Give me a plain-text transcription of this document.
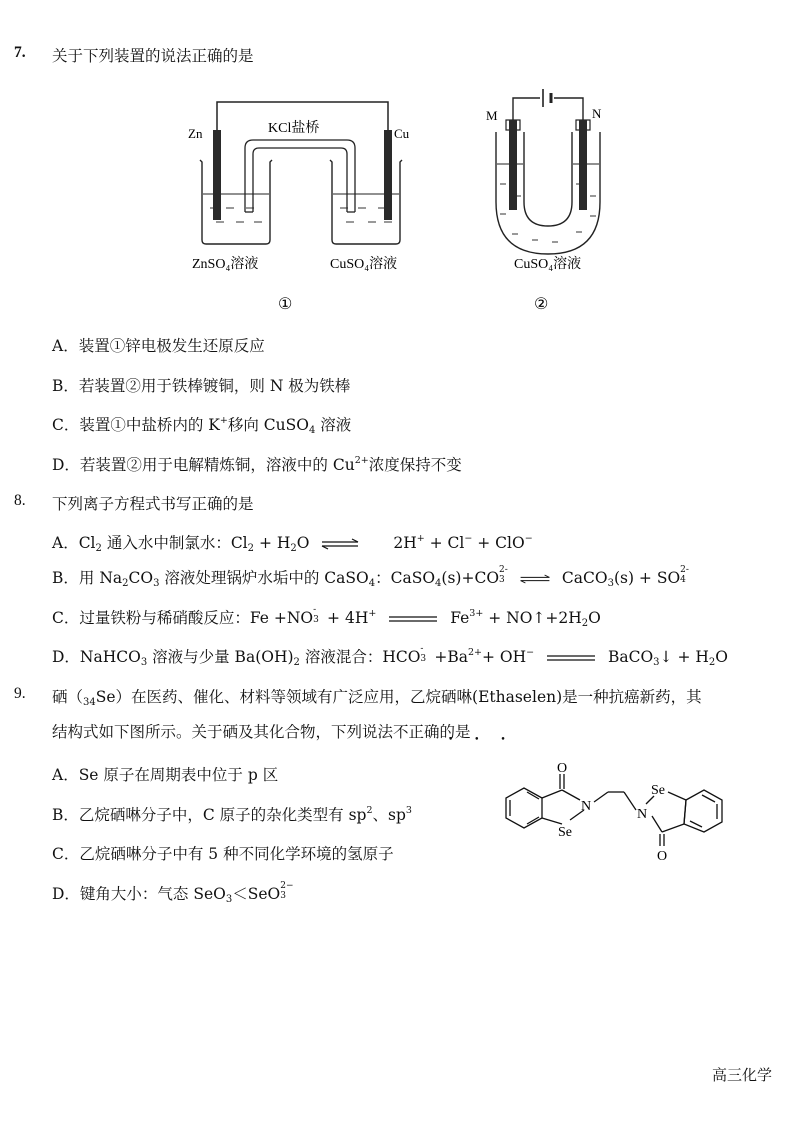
7. 关于下列装置的说法正确的是
Zn	Cu
KCl盐桥
ZnSO₄溶液	CuSO₄溶液
①
M	N
CuSO₄溶液
②
A．装置①锌电极发生还原反应
B．若装置②用于铁棒镀铜，则 N 极为铁棒
C．装置①中盐桥内的 K+移向 CuSO$_4$ 溶液
D．若装置②用于电解精炼铜，溶液中的 $Cu^{2+}$浓度保持不变
8. 下列离子方程式书写正确的是
A．$Cl_2$ 通入水中制氯水：$Cl_2 + H_2O$ ⇌ 2H+ + Cl− + ClO−
B．用 $Na_2CO_3$ 溶液处理锅炉水垢中的 CaSO$_4$：CaSO$_4$(s)+CO 2-
3 ⇌ CaCO$_3$(s) + SO 2-
4
C．过量铁粉与稀硝酸反应：Fe +NO -
3 + 4H+	$Fe^{3+}$ + $NO↑+2H_2O$
D．NaHCO$_3$ 溶液与少量 $Ba(OH)_2$ 溶液混合：HCO -
$3 +Ba^{2+}+ OH^-$	BaCO$_3$↓ + $H_2O$
9. 硒$(_{34}Se)$在医药、催化、材料等领域有广泛应用，乙烷硒啉(Ethaselen)是一种抗癌新药，其
结构式如下图所示。关于硒及其化合物，下列说法不正确的是
• • •
A．Se 原子在周期表中位于 p 区
B．乙烷硒啉分子中，C 原子的杂化类型有 $sp^2$、$sp^3$
C．乙烷硒啉分子中有 5 种不同化学环境的氢原子
D．键角大小：气态 SeO$_3$＜SeO 2−
3
O
N
Se
N
Se
O
高三化学
